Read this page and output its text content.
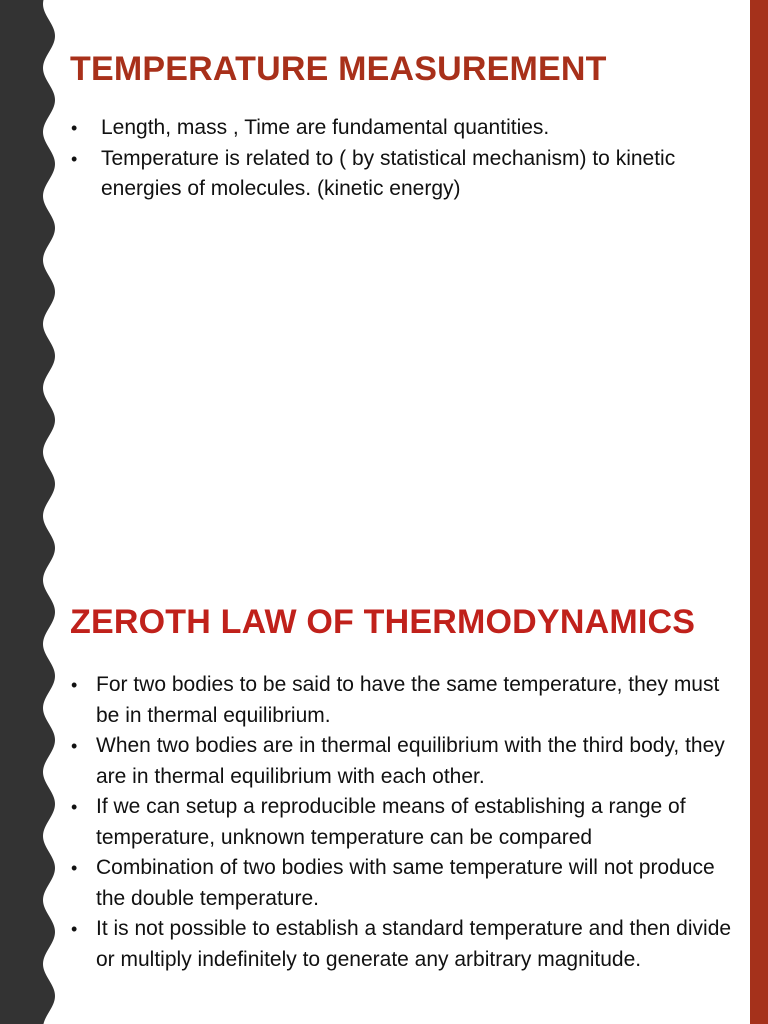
TEMPERATURE MEASUREMENT
• Length, mass , Time are fundamental quantities.
• Temperature is related to ( by statistical mechanism) to kinetic energies of molecules. (kinetic energy)
ZEROTH LAW OF THERMODYNAMICS
• For two bodies to be said to have the same temperature, they must be in thermal equilibrium.
• When two bodies are in thermal equilibrium with the third body, they are in thermal equilibrium with each other.
• If we can setup a reproducible means of establishing a range of temperature, unknown temperature can be compared
• Combination of two bodies with same temperature will not produce the double temperature.
• It is not possible to establish a standard temperature and then divide or multiply indefinitely to generate any arbitrary magnitude.
